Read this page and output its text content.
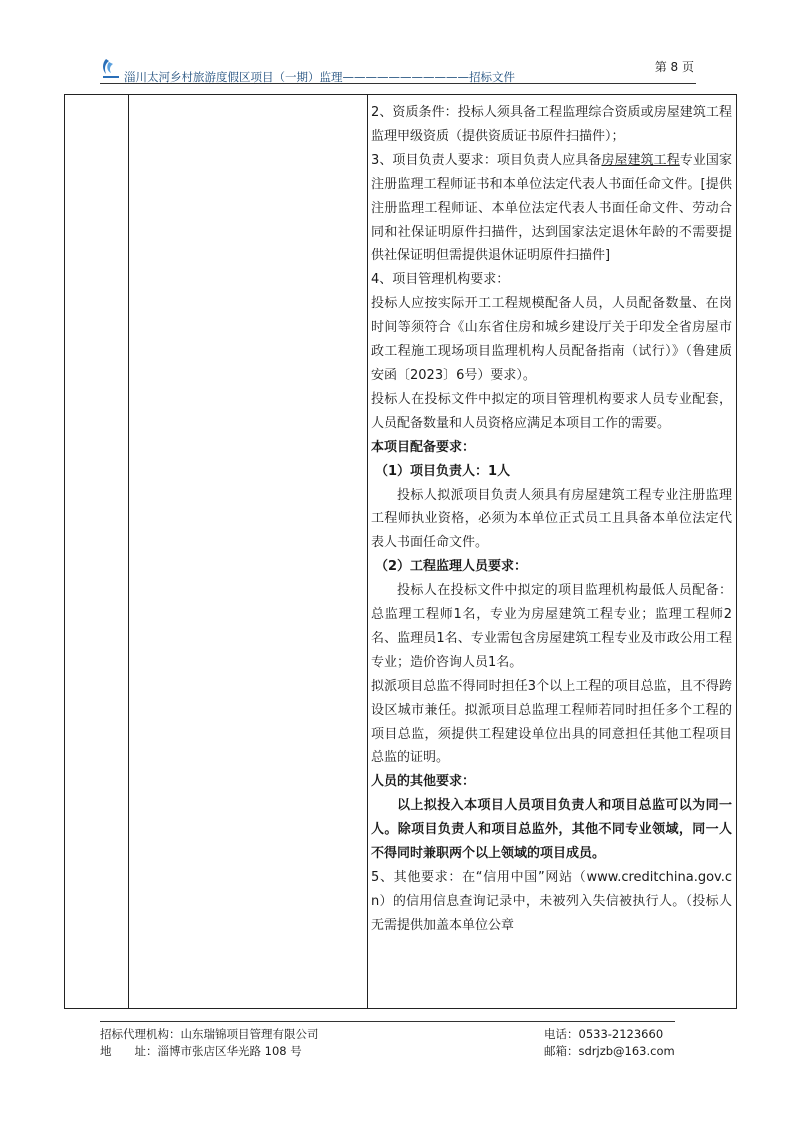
淄川太河乡村旅游度假区项目（一期）监理———————————招标文件
第 8 页

2、资质条件：投标人须具备工程监理综合资质或房屋建筑工程监理甲级资质（提供资质证书原件扫描件）；

3、项目负责人要求：项目负责人应具备房屋建筑工程专业国家注册监理工程师证书和本单位法定代表人书面任命文件。[提供注册监理工程师证、本单位法定代表人书面任命文件、劳动合同和社保证明原件扫描件，达到国家法定退休年龄的不需要提供社保证明但需提供退休证明原件扫描件]

4、项目管理机构要求：

投标人应按实际开工工程规模配备人员，人员配备数量、在岗时间等须符合《山东省住房和城乡建设厅关于印发全省房屋市政工程施工现场项目监理机构人员配备指南（试行）》（鲁建质安函〔2023〕6号）要求）。

投标人在投标文件中拟定的项目管理机构要求人员专业配套，人员配备数量和人员资格应满足本项目工作的需要。

本项目配备要求：

（1）项目负责人：1人

投标人拟派项目负责人须具有房屋建筑工程专业注册监理工程师执业资格，必须为本单位正式员工且具备本单位法定代表人书面任命文件。

（2）工程监理人员要求：

投标人在投标文件中拟定的项目监理机构最低人员配备：总监理工程师1名，专业为房屋建筑工程专业；监理工程师2名、监理员1名、专业需包含房屋建筑工程专业及市政公用工程专业；造价咨询人员1名。

拟派项目总监不得同时担任3个以上工程的项目总监，且不得跨设区城市兼任。拟派项目总监理工程师若同时担任多个工程的项目总监，须提供工程建设单位出具的同意担任其他工程项目总监的证明。

人员的其他要求：

以上拟投入本项目人员项目负责人和项目总监可以为同一人。除项目负责人和项目总监外，其他不同专业领域，同一人不得同时兼职两个以上领域的项目成员。

5、其他要求：在“信用中国”网站（www.creditchina.gov.cn）的信用信息查询记录中，未被列入失信被执行人。（投标人无需提供加盖本单位公章

招标代理机构：山东瑞锦项目管理有限公司
地　　址：淄博市张店区华光路 108 号
电话：0533-2123660
邮箱：sdrjzb@163.com
